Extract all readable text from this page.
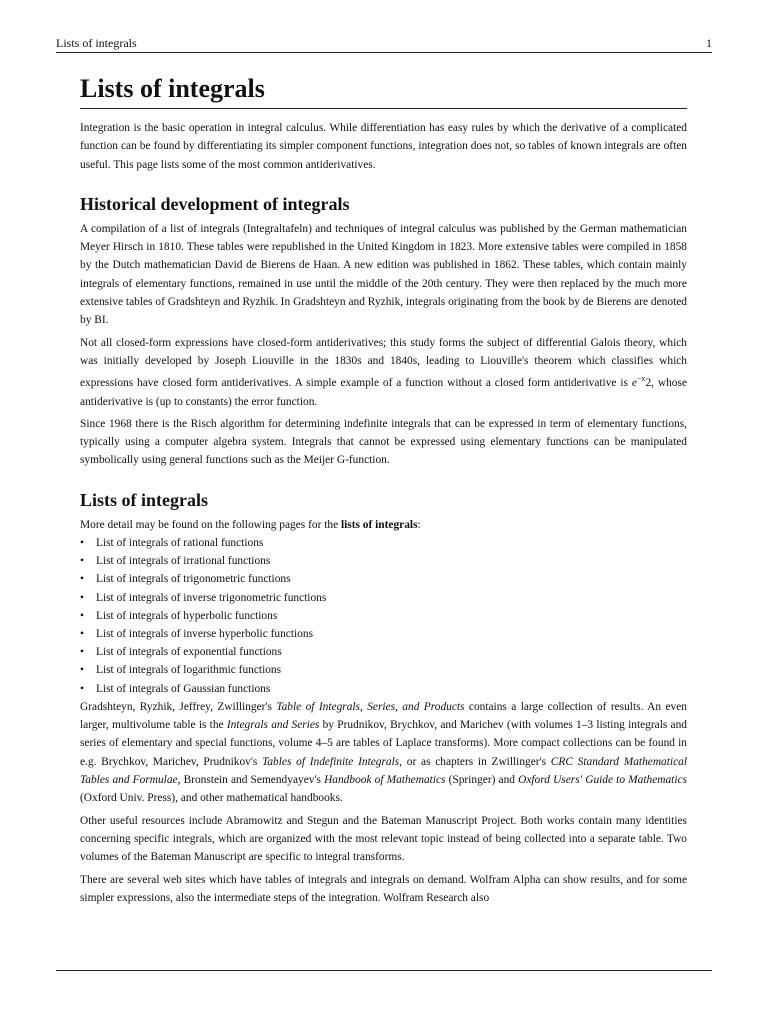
Lists of integrals	1
Lists of integrals

Integration is the basic operation in integral calculus. While differentiation has easy rules by which the derivative of a complicated function can be found by differentiating its simpler component functions, integration does not, so tables of known integrals are often useful. This page lists some of the most common antiderivatives.

Historical development of integrals

A compilation of a list of integrals (Integraltafeln) and techniques of integral calculus was published by the German mathematician Meyer Hirsch in 1810. These tables were republished in the United Kingdom in 1823. More extensive tables were compiled in 1858 by the Dutch mathematician David de Bierens de Haan. A new edition was published in 1862. These tables, which contain mainly integrals of elementary functions, remained in use until the middle of the 20th century. They were then replaced by the much more extensive tables of Gradshteyn and Ryzhik. In Gradshteyn and Ryzhik, integrals originating from the book by de Bierens are denoted by BI.

Not all closed-form expressions have closed-form antiderivatives; this study forms the subject of differential Galois theory, which was initially developed by Joseph Liouville in the 1830s and 1840s, leading to Liouville's theorem which classifies which expressions have closed form antiderivatives. A simple example of a function without a closed form antiderivative is $e^{-x}2$, whose antiderivative is (up to constants) the error function.

Since 1968 there is the Risch algorithm for determining indefinite integrals that can be expressed in term of elementary functions, typically using a computer algebra system. Integrals that cannot be expressed using elementary functions can be manipulated symbolically using general functions such as the Meijer G-function.

Lists of integrals

More detail may be found on the following pages for the lists of integrals:

• List of integrals of rational functions
• List of integrals of irrational functions
• List of integrals of trigonometric functions
• List of integrals of inverse trigonometric functions
• List of integrals of hyperbolic functions
• List of integrals of inverse hyperbolic functions
• List of integrals of exponential functions
• List of integrals of logarithmic functions
• List of integrals of Gaussian functions

Gradshteyn, Ryzhik, Jeffrey, Zwillinger's Table of Integrals, Series, and Products contains a large collection of results. An even larger, multivolume table is the Integrals and Series by Prudnikov, Brychkov, and Marichev (with volumes 1–3 listing integrals and series of elementary and special functions, volume 4–5 are tables of Laplace transforms). More compact collections can be found in e.g. Brychkov, Marichev, Prudnikov's Tables of Indefinite Integrals, or as chapters in Zwillinger's CRC Standard Mathematical Tables and Formulae, Bronstein and Semendyayev's Handbook of Mathematics (Springer) and Oxford Users' Guide to Mathematics (Oxford Univ. Press), and other mathematical handbooks.

Other useful resources include Abramowitz and Stegun and the Bateman Manuscript Project. Both works contain many identities concerning specific integrals, which are organized with the most relevant topic instead of being collected into a separate table. Two volumes of the Bateman Manuscript are specific to integral transforms.

There are several web sites which have tables of integrals and integrals on demand. Wolfram Alpha can show results, and for some simpler expressions, also the intermediate steps of the integration. Wolfram Research also
